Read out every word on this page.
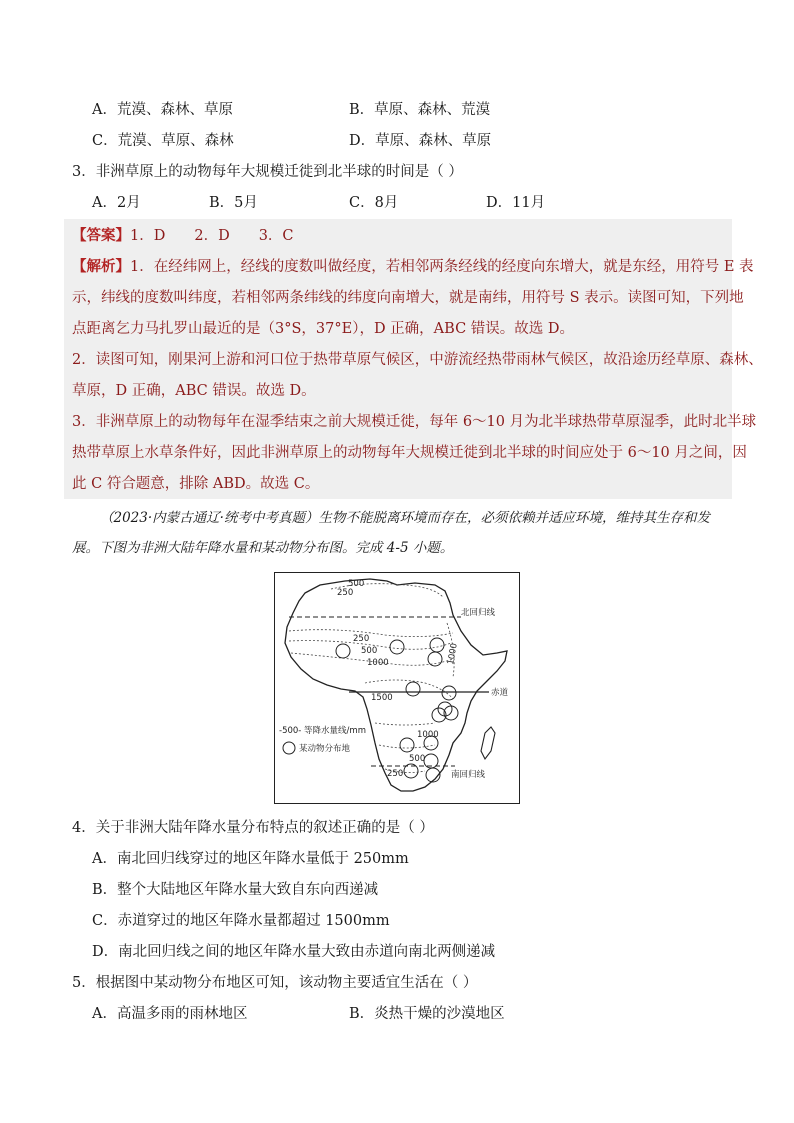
A．荒漠、森林、草原	B．草原、森林、荒漠
C．荒漠、草原、森林	D．草原、森林、草原
3．非洲草原上的动物每年大规模迁徙到北半球的时间是（ ）
A．2月	B．5月	C．8月	D．11月
【答案】1．D　　2．D　　3．C
【解析】1．在经纬网上，经线的度数叫做经度，若相邻两条经线的经度向东增大，就是东经，用符号 E 表
示，纬线的度数叫纬度，若相邻两条纬线的纬度向南增大，就是南纬，用符号 S 表示。读图可知，下列地
点距离乞力马扎罗山最近的是（3°S，37°E），D 正确，ABC 错误。故选 D。
2．读图可知，刚果河上游和河口位于热带草原气候区，中游流经热带雨林气候区，故沿途历经草原、森林、
草原，D 正确，ABC 错误。故选 D。
3．非洲草原上的动物每年在湿季结束之前大规模迁徙，每年 6～10 月为北半球热带草原湿季，此时北半球
热带草原上水草条件好，因此非洲草原上的动物每年大规模迁徙到北半球的时间应处于 6～10 月之间，因
此 C 符合题意，排除 ABD。故选 C。
（2023·内蒙古通辽·统考中考真题）生物不能脱离环境而存在，必须依赖并适应环境，维持其生存和发
展。下图为非洲大陆年降水量和某动物分布图。完成 4-5 小题。
500
250
北回归线
250
500
1000	1000
1500	赤道
-500- 等降水量线/mm
某动物分布地
1000
500
250	南回归线
4．关于非洲大陆年降水量分布特点的叙述正确的是（ ）
A．南北回归线穿过的地区年降水量低于 250mm
B．整个大陆地区年降水量大致自东向西递减
C．赤道穿过的地区年降水量都超过 1500mm
D．南北回归线之间的地区年降水量大致由赤道向南北两侧递减
5．根据图中某动物分布地区可知，该动物主要适宜生活在（ ）
A．高温多雨的雨林地区	B．炎热干燥的沙漠地区
